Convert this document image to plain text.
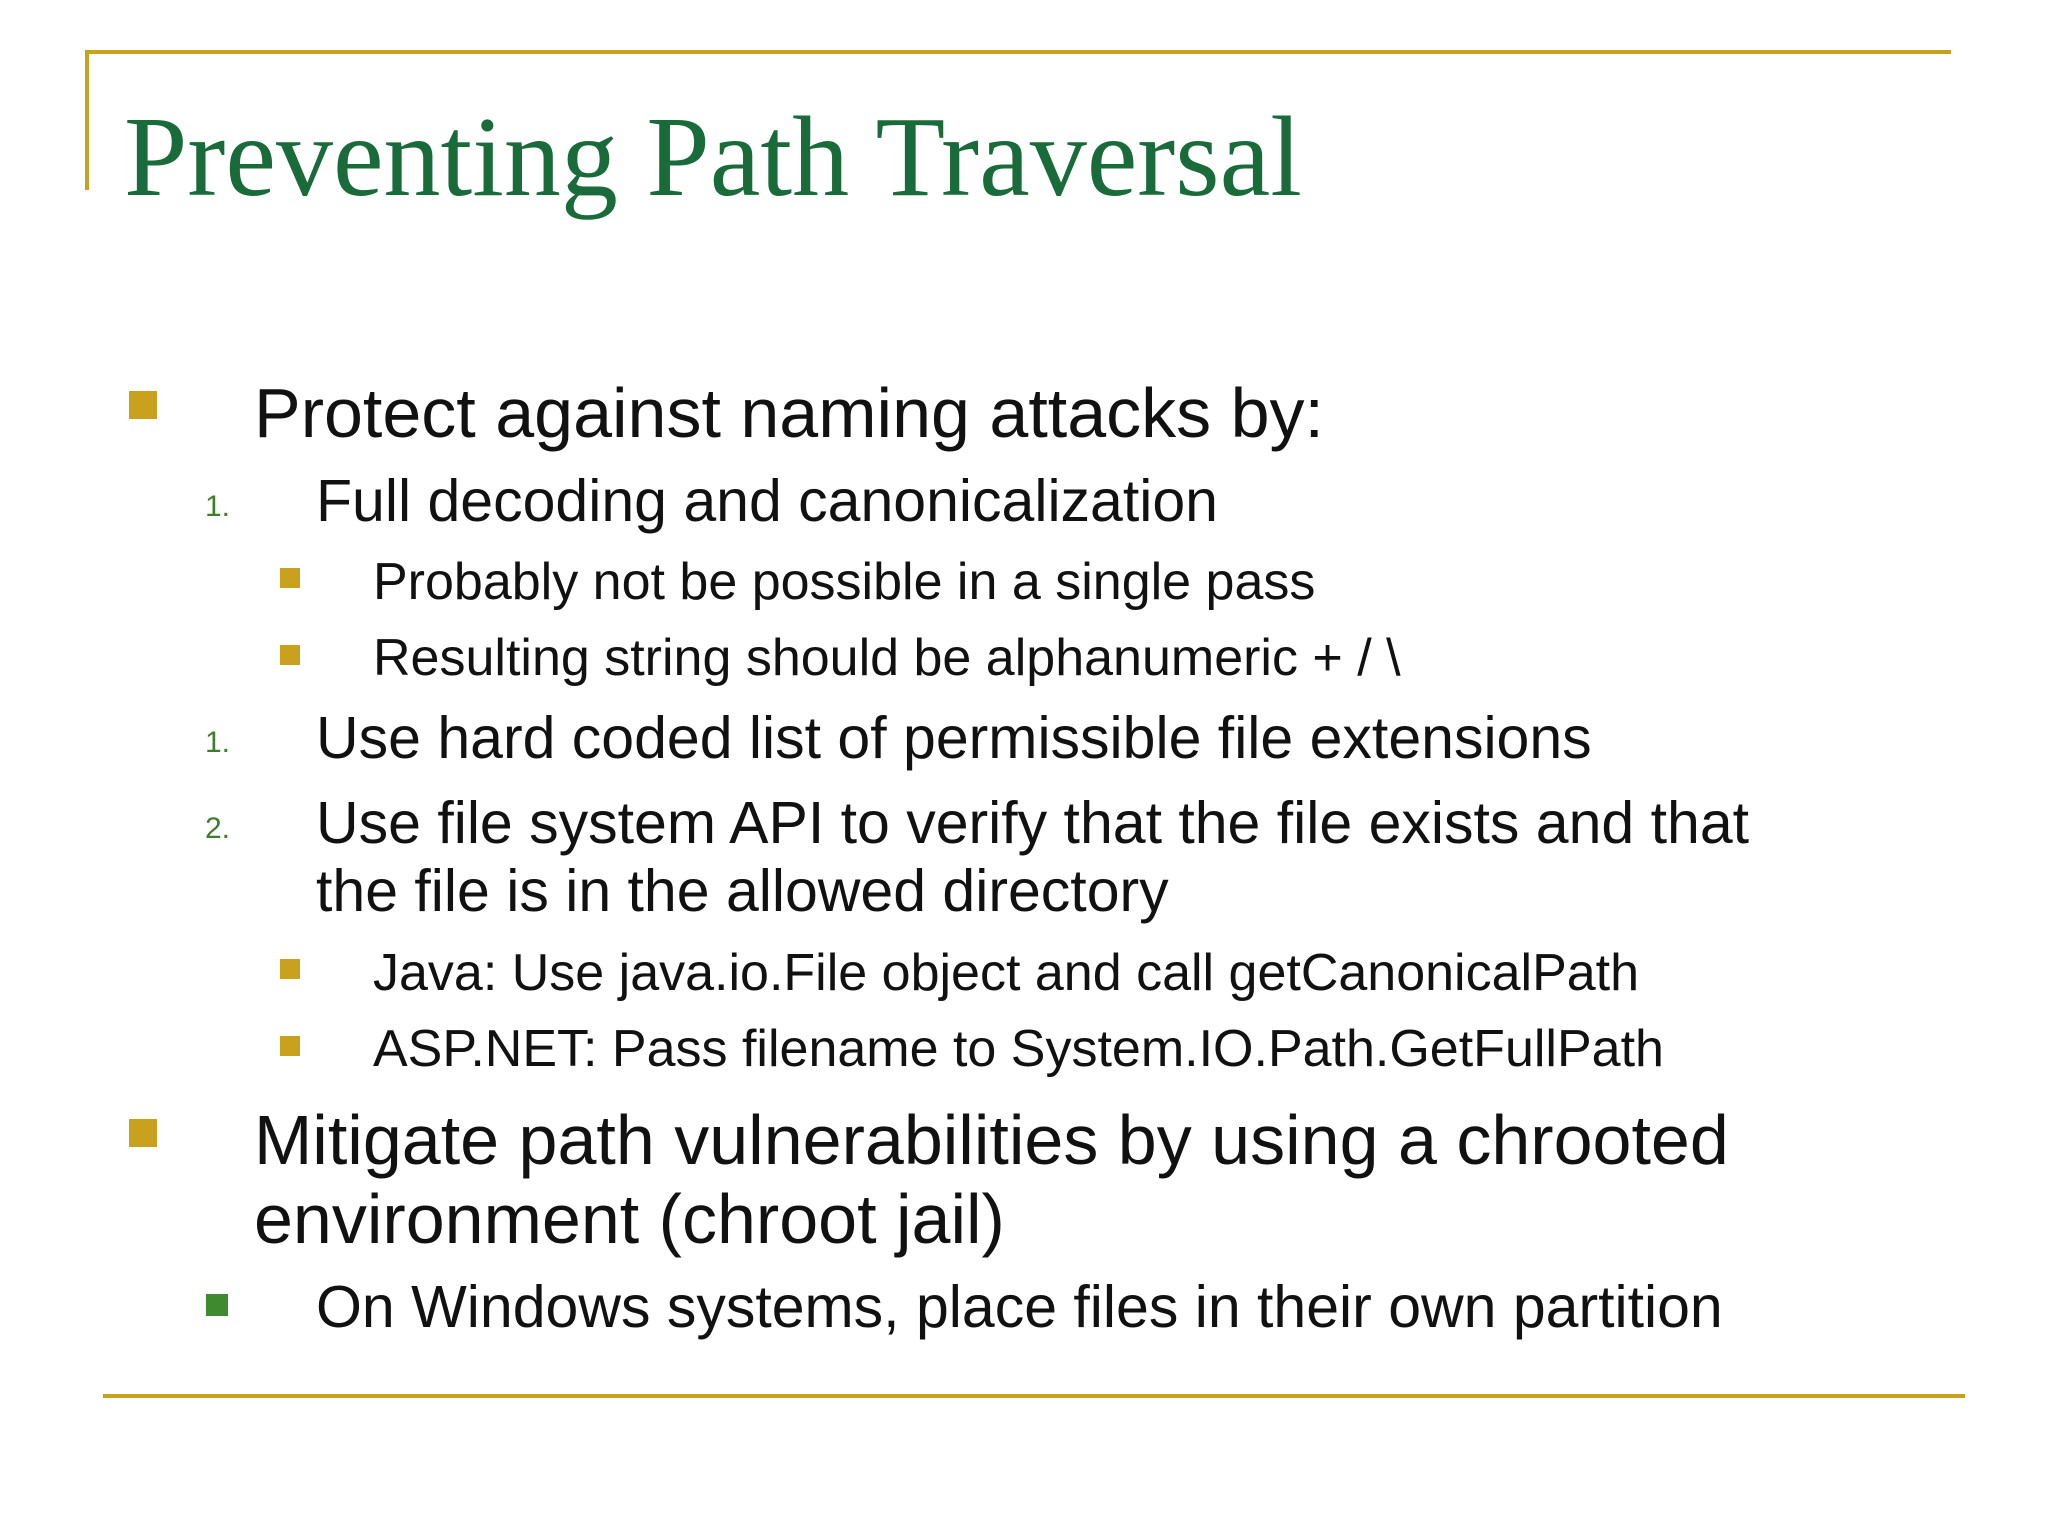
Preventing Path Traversal
Protect against naming attacks by:
1. Full decoding and canonicalization
Probably not be possible in a single pass
Resulting string should be alphanumeric + / \
1. Use hard coded list of permissible file extensions
2. Use file system API to verify that the file exists and that
the file is in the allowed directory
Java: Use java.io.File object and call getCanonicalPath
ASP.NET: Pass filename to System.IO.Path.GetFullPath
Mitigate path vulnerabilities by using a chrooted
environment (chroot jail)
On Windows systems, place files in their own partition
